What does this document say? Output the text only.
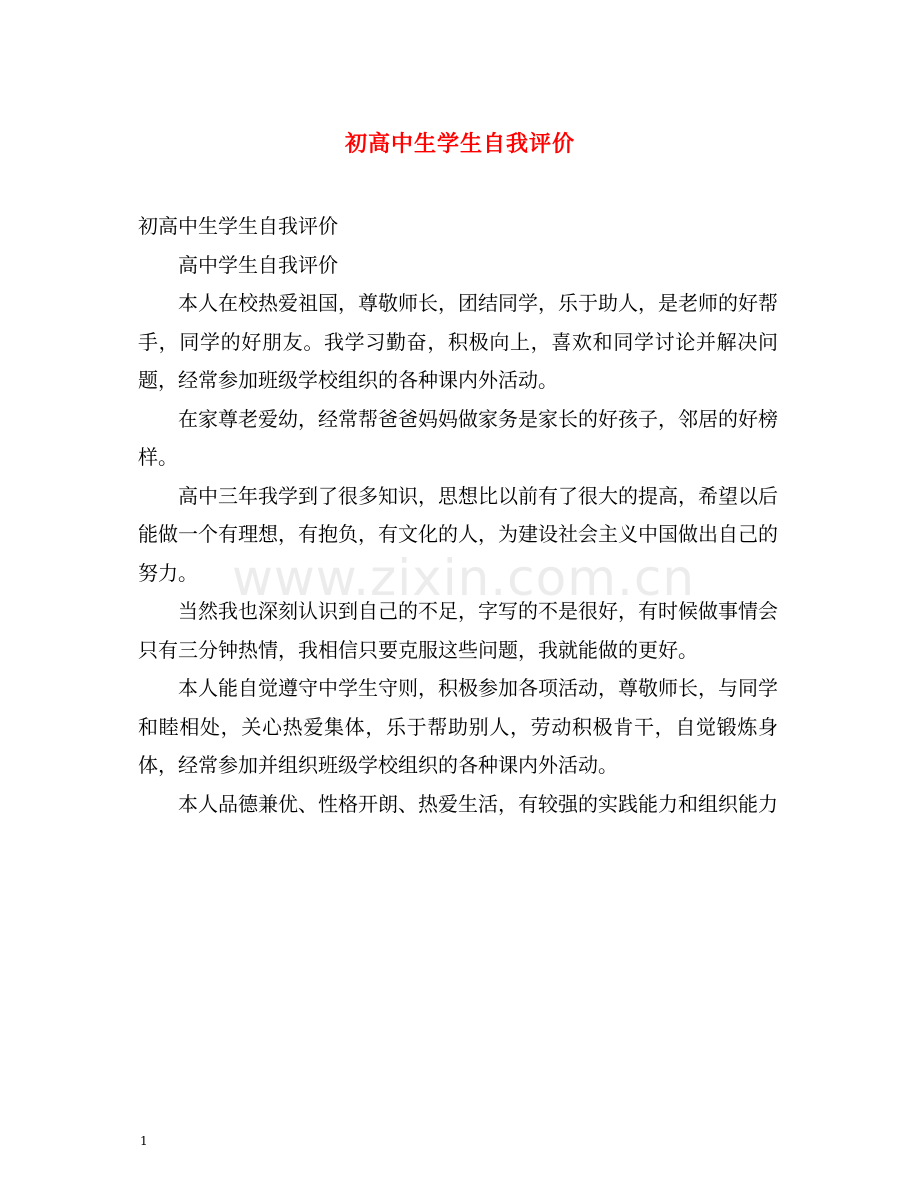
初高中生学生自我评价

初高中生学生自我评价

高中学生自我评价

本人在校热爱祖国，尊敬师长，团结同学，乐于助人，是老师的好帮手，同学的好朋友。我学习勤奋，积极向上，喜欢和同学讨论并解决问题，经常参加班级学校组织的各种课内外活动。

在家尊老爱幼，经常帮爸爸妈妈做家务是家长的好孩子，邻居的好榜样。

高中三年我学到了很多知识，思想比以前有了很大的提高，希望以后能做一个有理想，有抱负，有文化的人，为建设社会主义中国做出自己的努力。

当然我也深刻认识到自己的不足，字写的不是很好，有时候做事情会只有三分钟热情，我相信只要克服这些问题，我就能做的更好。

本人能自觉遵守中学生守则，积极参加各项活动，尊敬师长，与同学和睦相处，关心热爱集体，乐于帮助别人，劳动积极肯干，自觉锻炼身体，经常参加并组织班级学校组织的各种课内外活动。

本人品德兼优、性格开朗、热爱生活，有较强的实践能力和组织能力

www.zixin.com.cn
1
